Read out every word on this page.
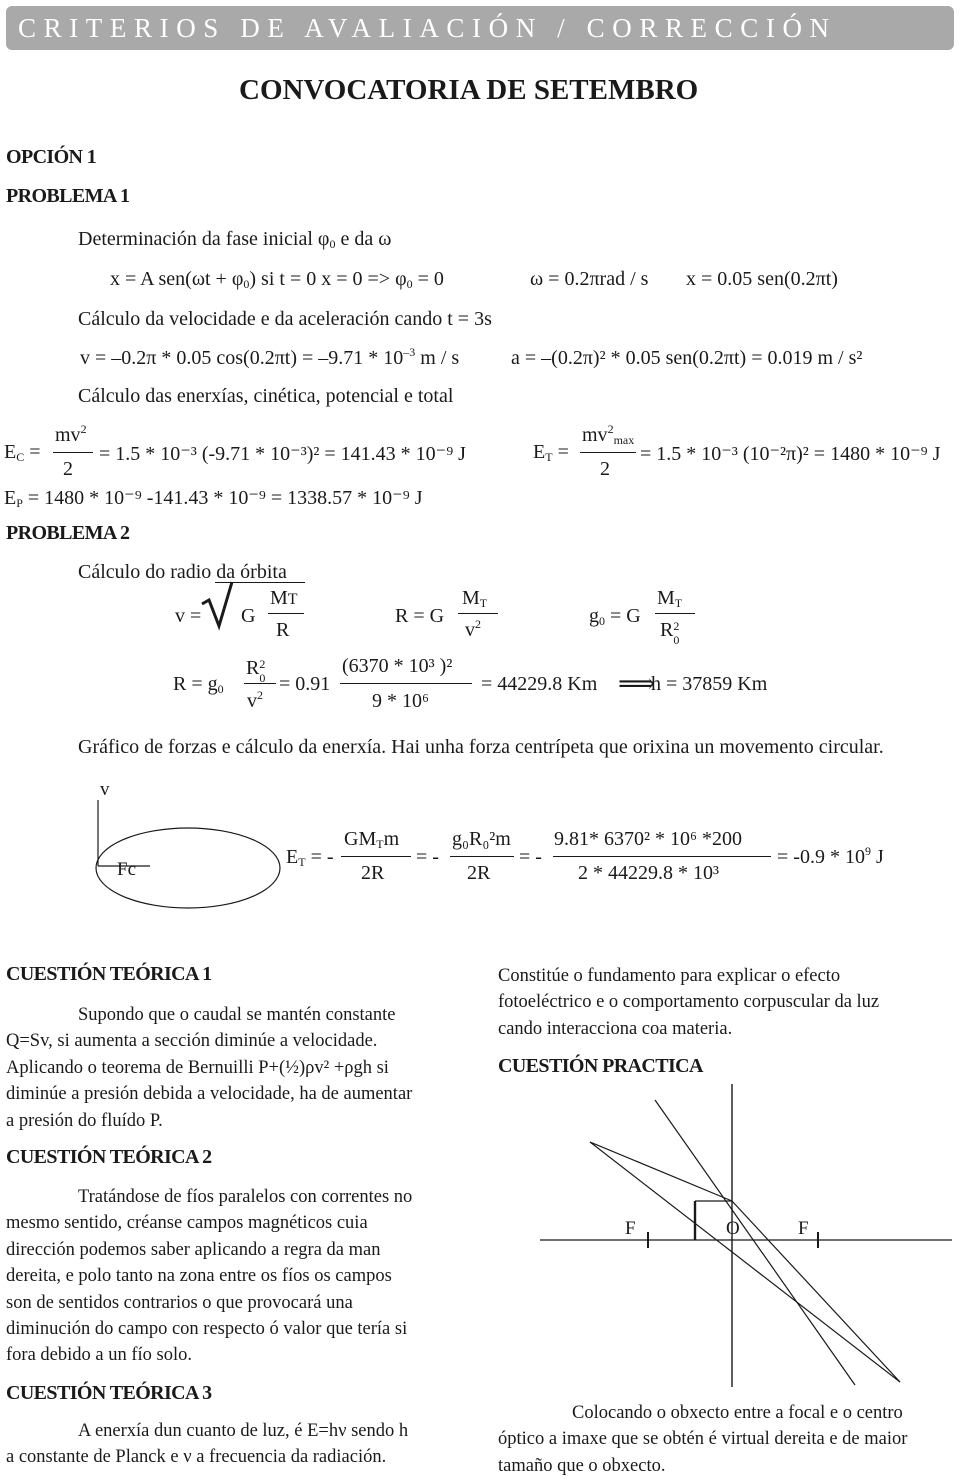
CRITERIOS DE AVALIACIÓN / CORRECCIÓN
CONVOCATORIA DE SETEMBRO
OPCIÓN 1
PROBLEMA 1
Determinación da fase inicial $\varphi_0$ e da ω
x = A $sen(\omega t + \varphi_0)$ si t = 0 $x = 0 => \varphi_0 = 0$	ω = 0.2πrad / s x = 0.05 sen(0.2πt)
Cálculo da velocidade e da aceleración cando t = 3s
v = –0.2π * 0.05 $\cos(0.2\pi t) = -9.71 * 10^{-3}$ m / s	a = –(0.2π)² * 0.05 sen(0.2πt) = 0.019 m / s²
Cálculo das enerxías, cinética, potencial e total
$E_C$ =
$mv^2$
2
= 1.5 * 10⁻³ (-9.71 * 10⁻³)² = 141.43 * 10⁻⁹ J	$E_T$ =
$mv^2_{max}$
2
= 1.5 * 10⁻³ (10⁻²π)² = 1480 * 10⁻⁹ J
$E_P = 1480 * 10^{-9}$ -141.43 * 10⁻⁹ = 1338.57 * 10⁻⁹ J
PROBLEMA 2
Cálculo do radio da órbita
v = G
MT
R
R = G
$M_T$
$v^2$	$g_0 = G$
$M_T$
R 2
0
$R = g_0$
R 2
0
$v^2 = 0.91$
(6370 * 10³ )²
9 * 10⁶
= 44229.8 Km ⟹
h = 37859 Km
Gráfico de forzas e cálculo da enerxía. Hai unha forza centrípeta que orixina un movemento circular.
v
Fc
$E_T$ = -
$GM_Tm$
2R
= -
g₀R₀²m
2R
= -
9.81* 6370² * 10⁶ *200
2 * 44229.8 * 10³
= $-0.9 * 10^9$ J
CUESTIÓN TEÓRICA 1
Supondo que o caudal se mantén constante
Q=Sv, si aumenta a sección diminúe a velocidade.
Aplicando o teorema de Bernuilli P+(½)ρv² +ρgh si
diminúe a presión debida a velocidade, ha de aumentar
a presión do fluído P.
CUESTIÓN TEÓRICA 2
Tratándose de fíos paralelos con correntes no
mesmo sentido, créanse campos magnéticos cuia
dirección podemos saber aplicando a regra da man
dereita, e polo tanto na zona entre os fíos os campos
son de sentidos contrarios o que provocará una
diminución do campo con respecto ó valor que tería si
fora debido a un fío solo.
CUESTIÓN TEÓRICA 3
A enerxía dun cuanto de luz, é E=hν sendo h
a constante de Planck e ν a frecuencia da radiación.
Constitúe o fundamento para explicar o efecto
fotoeléctrico e o comportamento corpuscular da luz
cando interacciona coa materia.
CUESTIÓN PRACTICA
F	O	F
Colocando o obxecto entre a focal e o centro
óptico a imaxe que se obtén é virtual dereita e de maior
tamaño que o obxecto.
